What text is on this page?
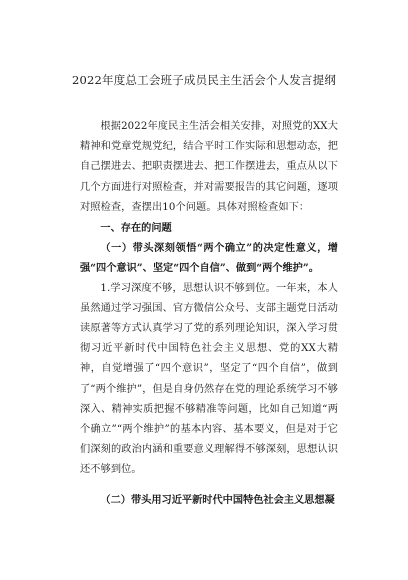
2022年度总工会班子成员民主生活会个人发言提纲

根据2022年度民主生活会相关安排，对照党的XX大精神和党章党规党纪，结合平时工作实际和思想动态，把自己摆进去、把职责摆进去、把工作摆进去，重点从以下几个方面进行对照检查，并对需要报告的其它问题，逐项对照检查，查摆出10个问题。具体对照检查如下：

一、存在的问题

（一）带头深刻领悟“两个确立”的决定性意义，增强“四个意识”、坚定“四个自信”、做到“两个维护”。

1.学习深度不够，思想认识不够到位。一年来，本人虽然通过学习强国、官方微信公众号、支部主题党日活动读原著等方式认真学习了党的系列理论知识，深入学习贯彻习近平新时代中国特色社会主义思想、党的XX大精神，自觉增强了“四个意识”，坚定了“四个自信”，做到了“两个维护”，但是自身仍然存在党的理论系统学习不够深入、精神实质把握不够精准等问题，比如自己知道“两个确立”“两个维护”的基本内容、基本要义，但是对于它们深刻的政治内涵和重要意义理解得不够深刻，思想认识还不够到位。

（二）带头用习近平新时代中国特色社会主义思想凝
